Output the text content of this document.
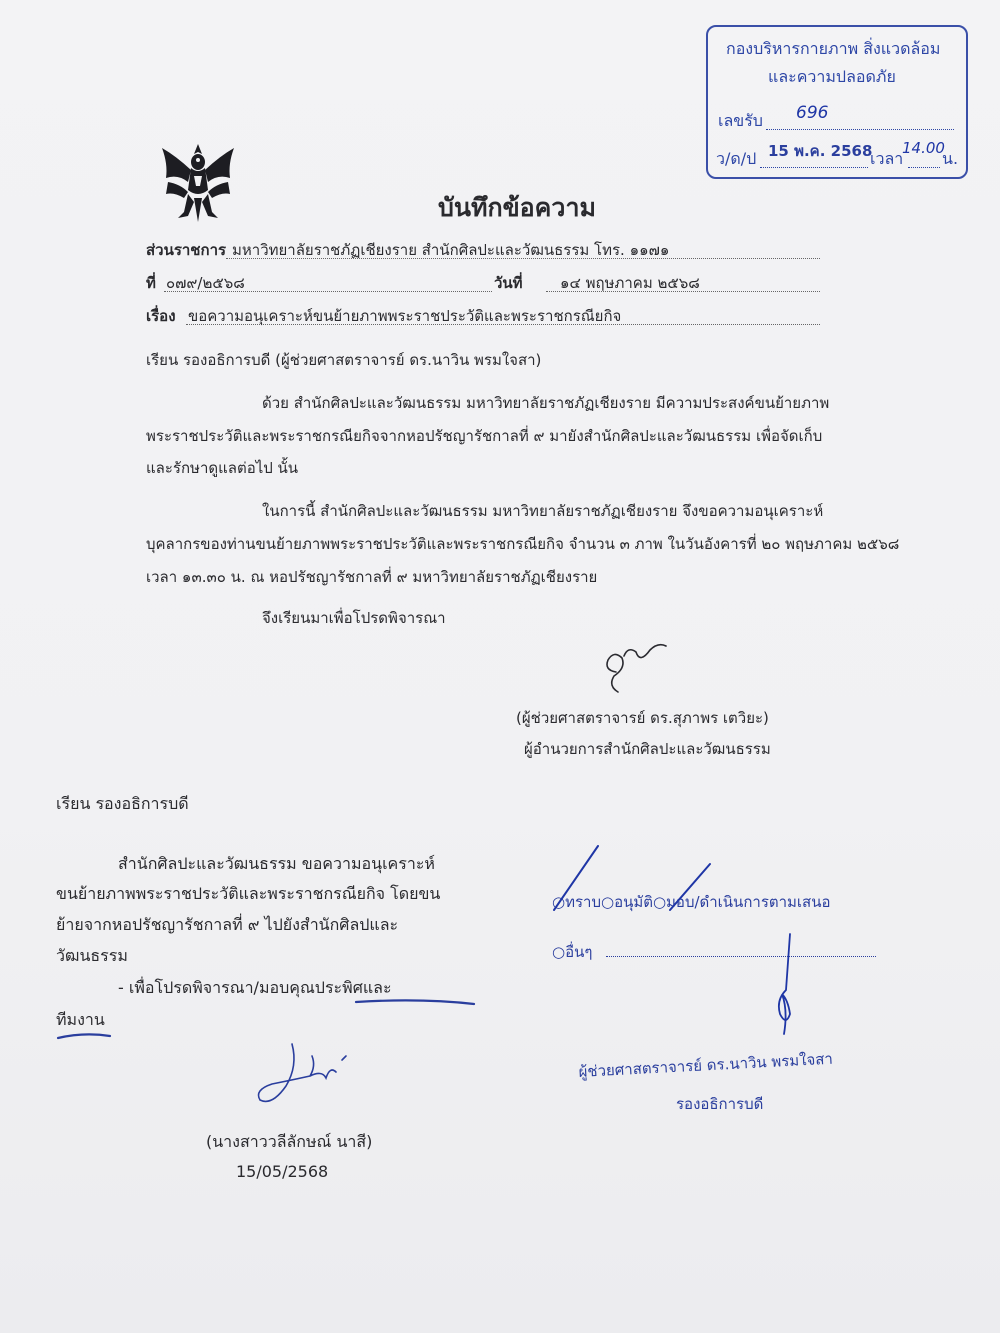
กองบริหารกายภาพ สิ่งแวดล้อม
และความปลอดภัย
เลขรับ 696
ว/ด/ป 15 พ.ค. 2568
เวลา
14.00
น.
บันทึกข้อความ
ส่วนราชการ มหาวิทยาลัยราชภัฏเชียงราย สำนักศิลปะและวัฒนธรรม โทร. ๑๑๗๑
ที่ ๐๗๙/๒๕๖๘	วันที่ ๑๔ พฤษภาคม ๒๕๖๘
เรื่อง ขอความอนุเคราะห์ขนย้ายภาพพระราชประวัติและพระราชกรณียกิจ
เรียน รองอธิการบดี (ผู้ช่วยศาสตราจารย์ ดร.นาวิน พรมใจสา)
ด้วย สำนักศิลปะและวัฒนธรรม มหาวิทยาลัยราชภัฏเชียงราย มีความประสงค์ขนย้ายภาพ
พระราชประวัติและพระราชกรณียกิจจากหอปรัชญารัชกาลที่ ๙ มายังสำนักศิลปะและวัฒนธรรม เพื่อจัดเก็บ
และรักษาดูแลต่อไป นั้น
ในการนี้ สำนักศิลปะและวัฒนธรรม มหาวิทยาลัยราชภัฏเชียงราย จึงขอความอนุเคราะห์
บุคลากรของท่านขนย้ายภาพพระราชประวัติและพระราชกรณียกิจ จำนวน ๓ ภาพ ในวันอังคารที่ ๒๐ พฤษภาคม ๒๕๖๘
เวลา ๑๓.๓๐ น. ณ หอปรัชญารัชกาลที่ ๙ มหาวิทยาลัยราชภัฏเชียงราย
จึงเรียนมาเพื่อโปรดพิจารณา
(ผู้ช่วยศาสตราจารย์ ดร.สุภาพร เตวิยะ)
ผู้อำนวยการสำนักศิลปะและวัฒนธรรม
เรียน รองอธิการบดี
สำนักศิลปะและวัฒนธรรม ขอความอนุเคราะห์
ขนย้ายภาพพระราชประวัติและพระราชกรณียกิจ โดยขน
ย้ายจากหอปรัชญารัชกาลที่ ๙ ไปยังสำนักศิลปและ
วัฒนธรรม
- เพื่อโปรดพิจารณา/มอบคุณประพิศและ
ทีมงาน
(นางสาววลีลักษณ์ นาสี)
15/05/2568
○ทราบ○อนุมัติ○มอบ/ดำเนินการตามเสนอ
○อื่นๆ
ผู้ช่วยศาสตราจารย์ ดร.นาวิน พรมใจสา
รองอธิการบดี
